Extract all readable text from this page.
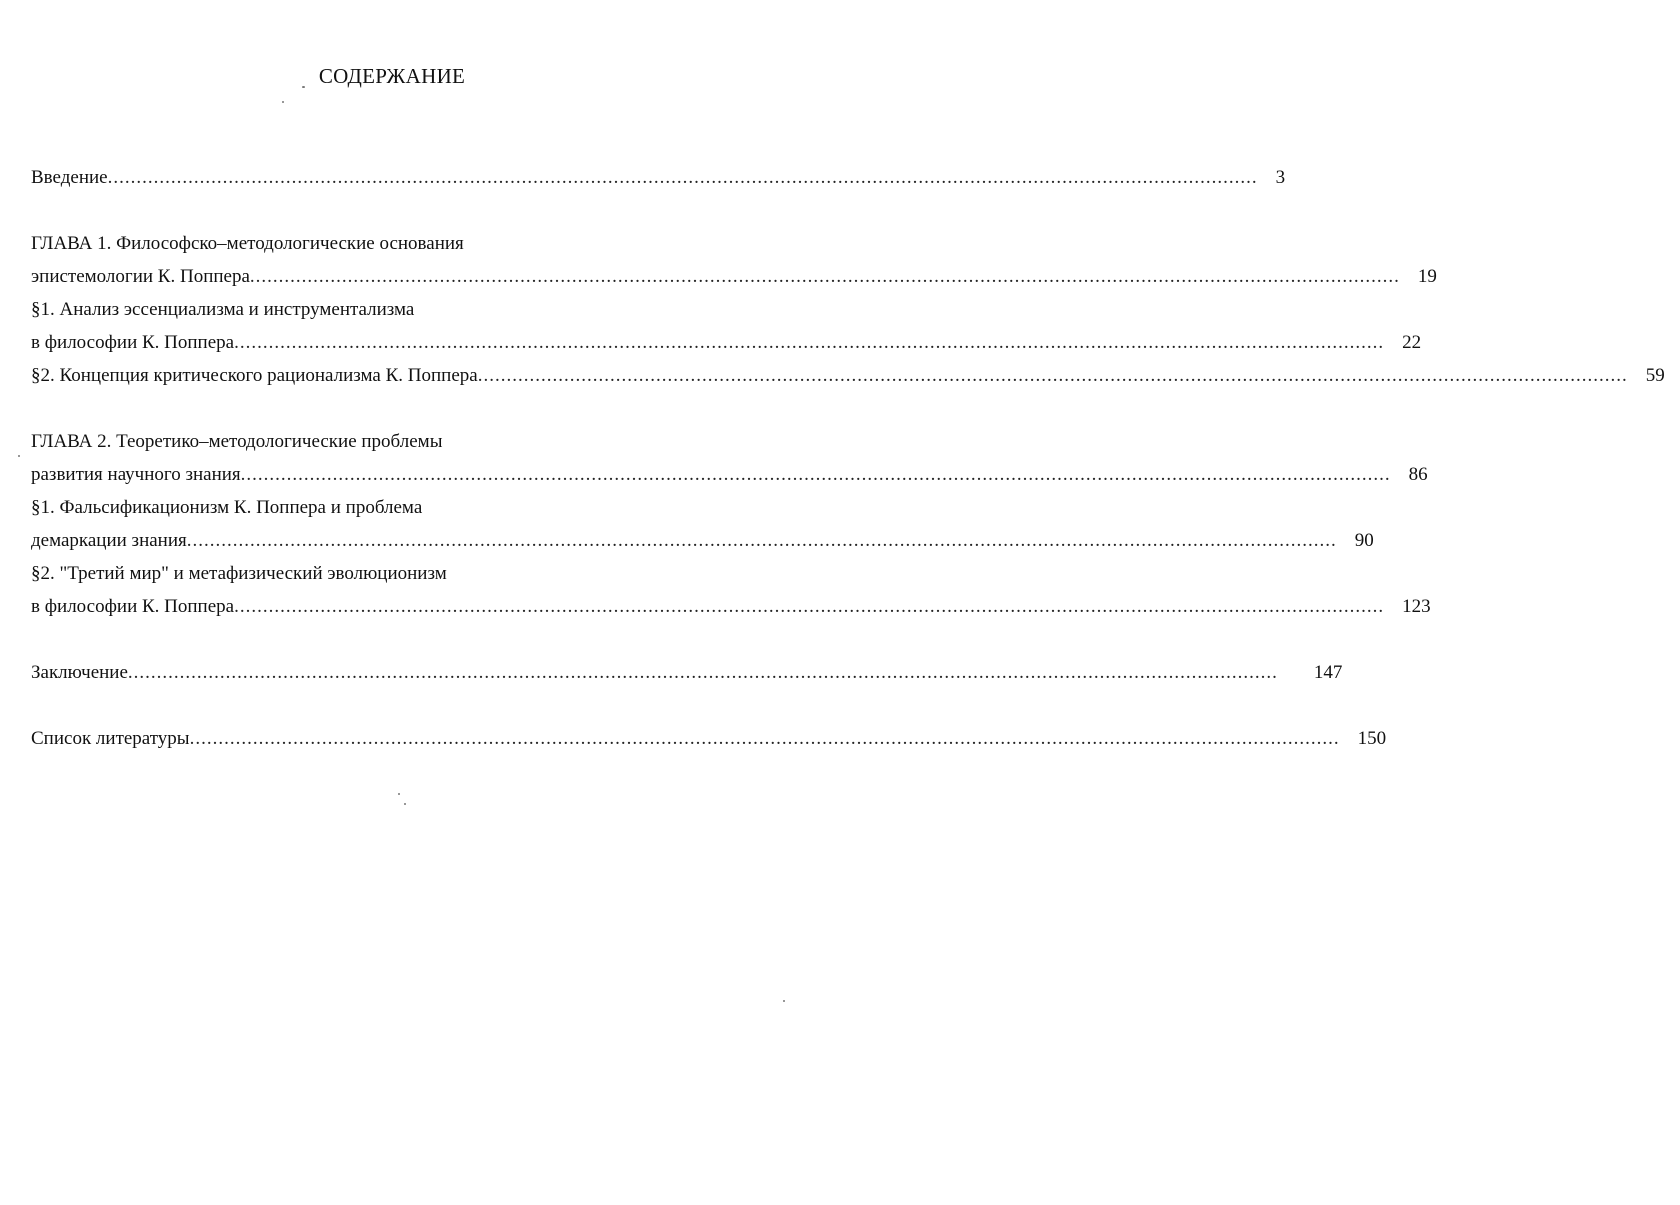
СОДЕРЖАНИЕ
Введение ........................................................................................................................................................................................................ 3
ГЛАВА 1. Философско–методологические основания
эпистемологии К. Поппера ........................................................................................................................................................................................................ 19
§1. Анализ эссенциализма и инструментализма
в философии К. Поппера ........................................................................................................................................................................................................ 22
§2. Концепция критического рационализма К. Поппера ........................................................................................................................................................................................................ 59
ГЛАВА 2. Теоретико–методологические проблемы
развития научного знания ........................................................................................................................................................................................................ 86
§1. Фальсификационизм К. Поппера и проблема
демаркации знания ........................................................................................................................................................................................................ 90
§2. "Третий мир" и метафизический эволюционизм
в философии К. Поппера ........................................................................................................................................................................................................ 123
Заключение ........................................................................................................................................................................................................	147
Список литературы ........................................................................................................................................................................................................ 150
